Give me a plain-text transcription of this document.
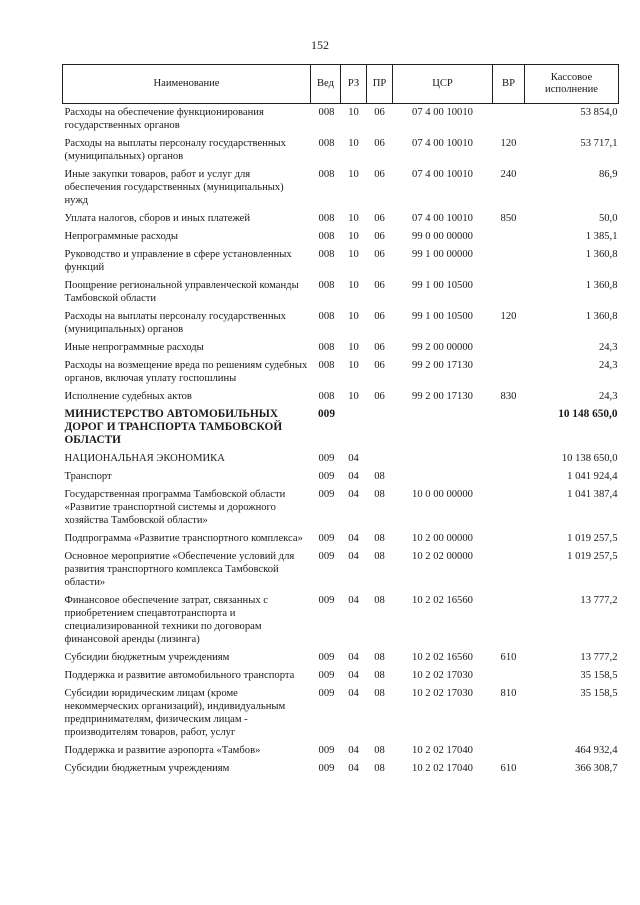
152
Наименование	Вед	РЗ	ПР	ЦСР	ВР	Кассовое исполнение
Расходы на обеспечение функционирования государственных органов	008	10	06	07 4 00 10010		53 854,0
Расходы на выплаты персоналу государственных (муниципальных) органов	008	10	06	07 4 00 10010	120	53 717,1
Иные закупки товаров, работ и услуг для обеспечения государственных (муниципальных) нужд	008	10	06	07 4 00 10010	240	86,9
Уплата налогов, сборов и иных платежей	008	10	06	07 4 00 10010	850	50,0
Непрограммные расходы	008	10	06	99 0 00 00000		1 385,1
Руководство и управление в сфере установленных функций	008	10	06	99 1 00 00000		1 360,8
Поощрение региональной управленческой команды Тамбовской области	008	10	06	99 1 00 10500		1 360,8
Расходы на выплаты персоналу государственных (муниципальных) органов	008	10	06	99 1 00 10500	120	1 360,8
Иные непрограммные расходы	008	10	06	99 2 00 00000		24,3
Расходы на возмещение вреда по решениям судебных органов, включая уплату госпошлины	008	10	06	99 2 00 17130		24,3
Исполнение судебных актов	008	10	06	99 2 00 17130	830	24,3
МИНИСТЕРСТВО АВТОМОБИЛЬНЫХ ДОРОГ И ТРАНСПОРТА ТАМБОВСКОЙ ОБЛАСТИ	009					10 148 650,0
НАЦИОНАЛЬНАЯ ЭКОНОМИКА	009	04				10 138 650,0
Транспорт	009	04	08			1 041 924,4
Государственная программа Тамбовской области «Развитие транспортной системы и дорожного хозяйства Тамбовской области»	009	04	08	10 0 00 00000		1 041 387,4
Подпрограмма «Развитие транспортного комплекса»	009	04	08	10 2 00 00000		1 019 257,5
Основное мероприятие «Обеспечение условий для развития транспортного комплекса Тамбовской области»	009	04	08	10 2 02 00000		1 019 257,5
Финансовое обеспечение затрат, связанных с приобретением спецавтотранспорта и специализированной техники по договорам финансовой аренды (лизинга)	009	04	08	10 2 02 16560		13 777,2
Субсидии бюджетным учреждениям	009	04	08	10 2 02 16560	610	13 777,2
Поддержка и развитие автомобильного транспорта	009	04	08	10 2 02 17030		35 158,5
Субсидии юридическим лицам (кроме некоммерческих организаций), индивидуальным предпринимателям, физическим лицам - производителям товаров, работ, услуг	009	04	08	10 2 02 17030	810	35 158,5
Поддержка и развитие аэропорта «Тамбов»	009	04	08	10 2 02 17040		464 932,4
Субсидии бюджетным учреждениям	009	04	08	10 2 02 17040	610	366 308,7
